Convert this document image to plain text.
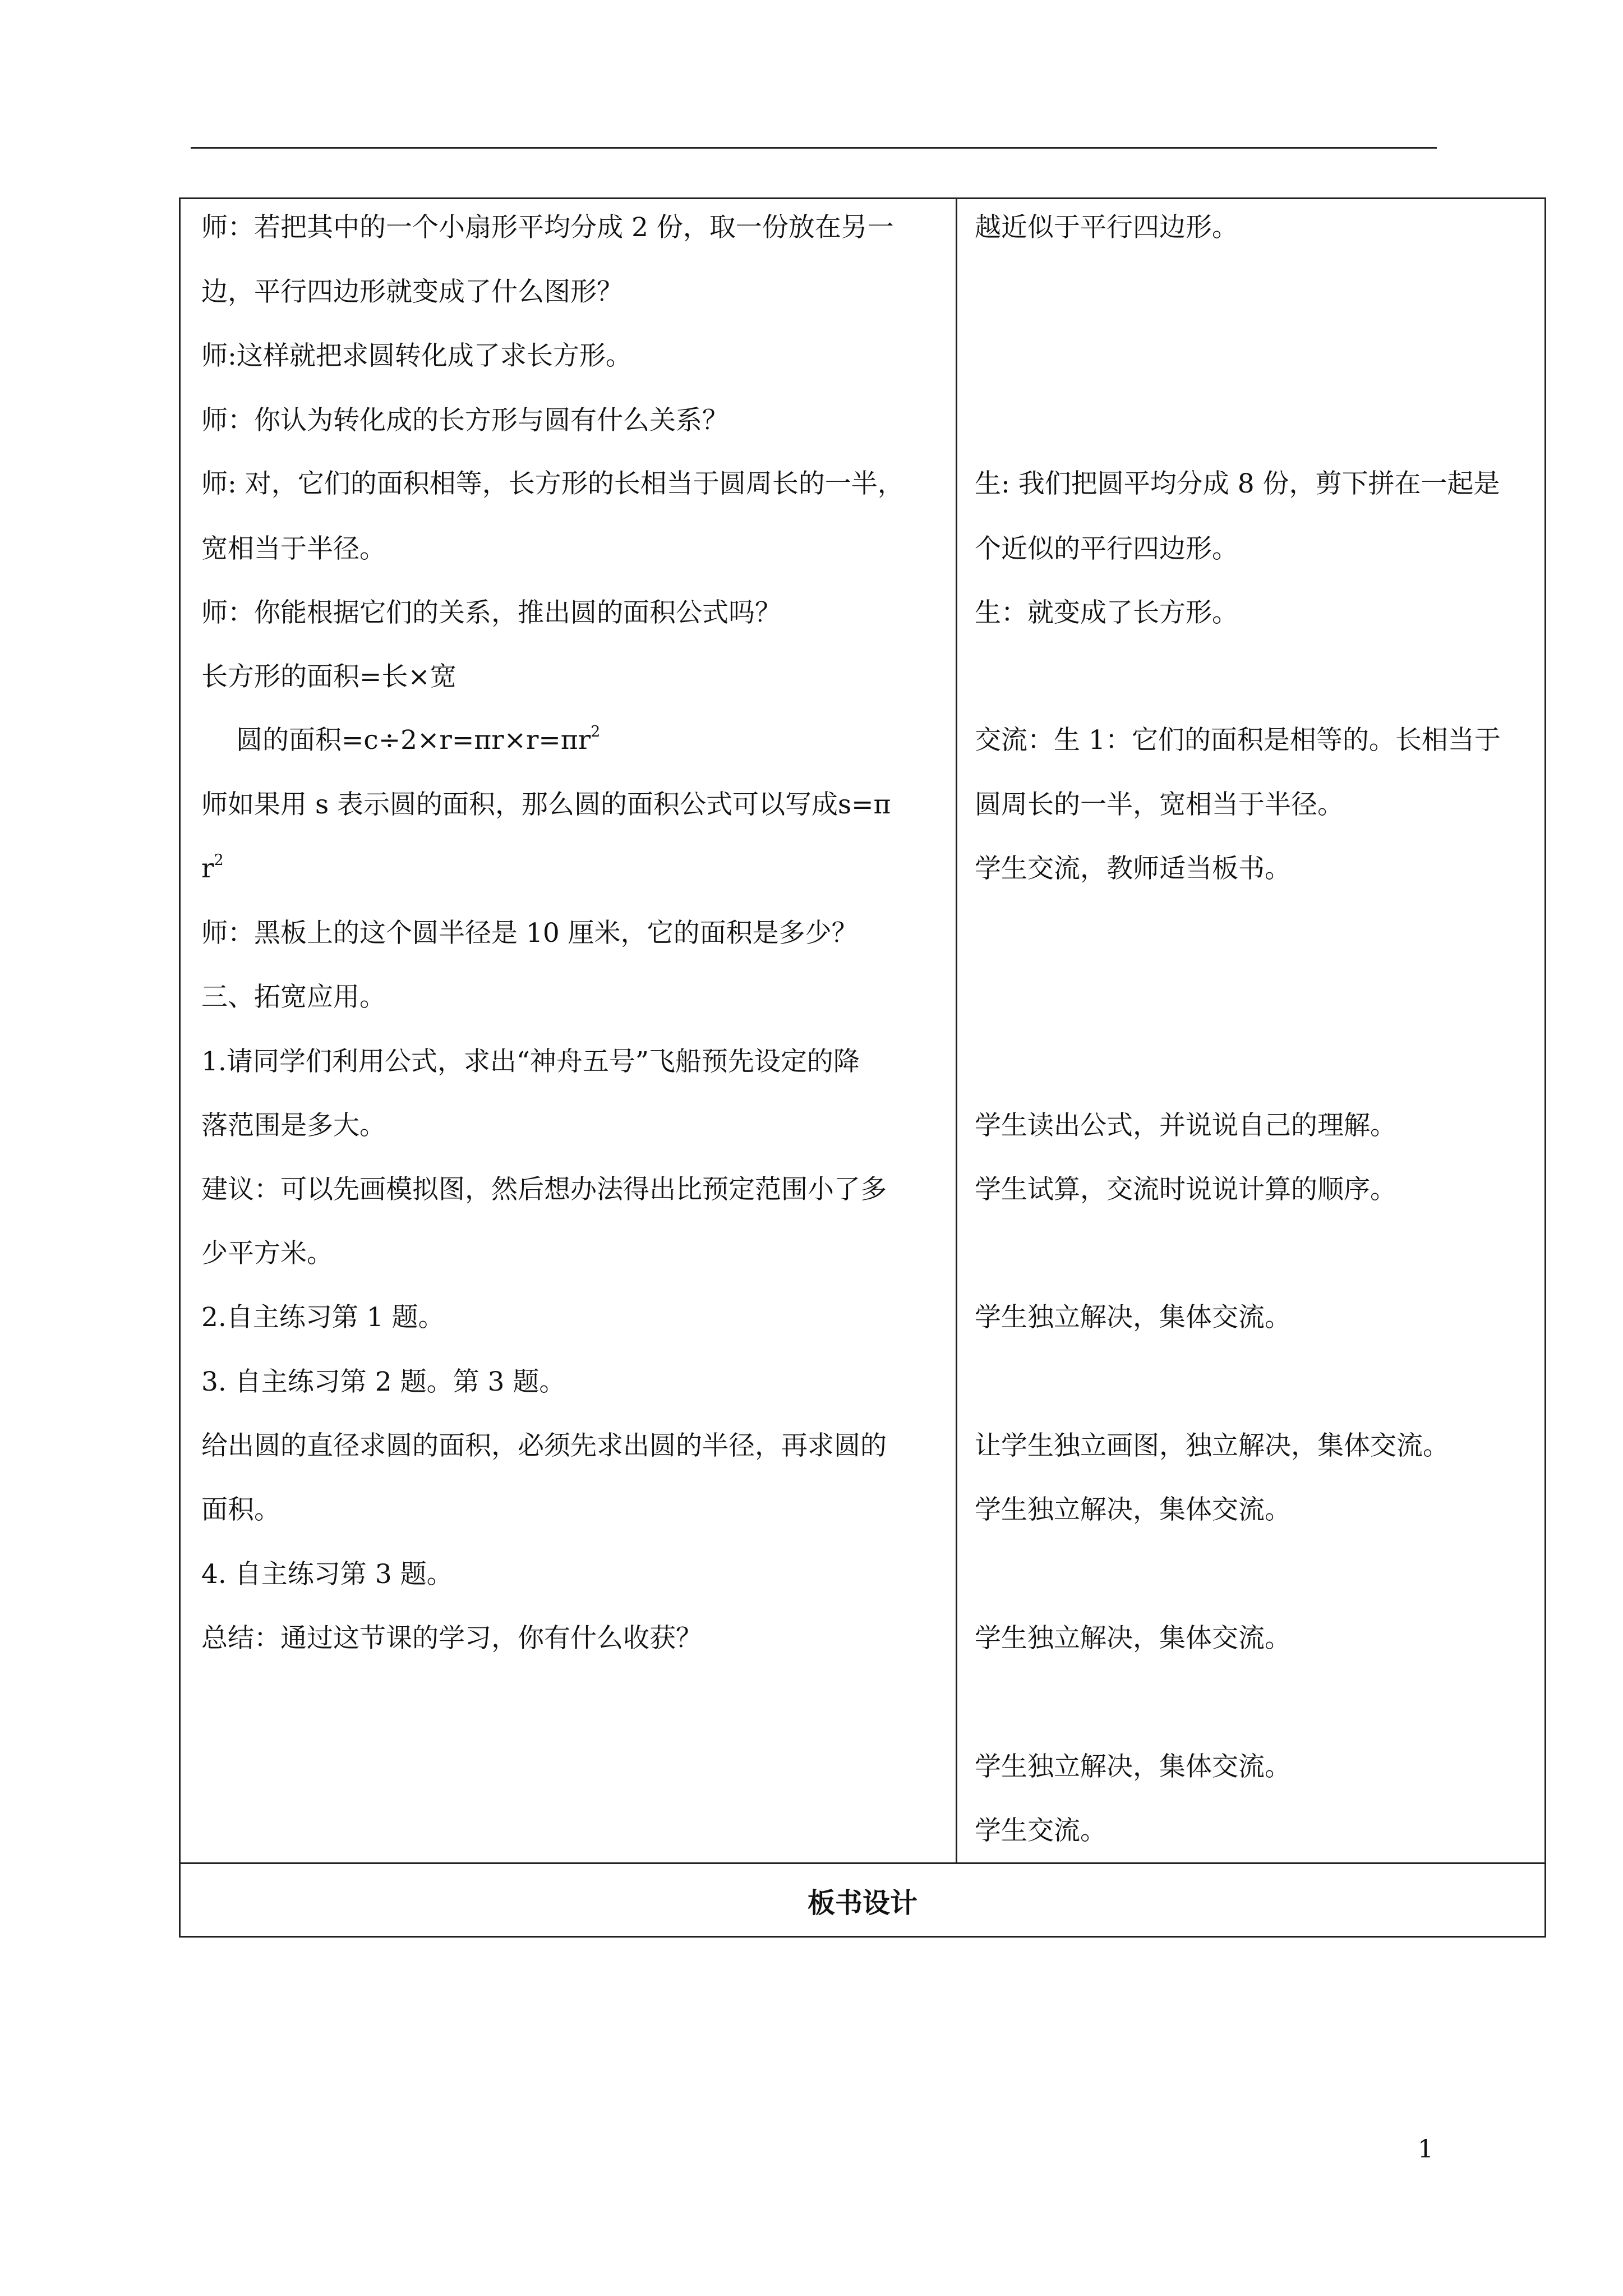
师：若把其中的一个小扇形平均分成 2 份，取一份放在另一
边，平行四边形就变成了什么图形？
师:这样就把求圆转化成了求长方形。
师：你认为转化成的长方形与圆有什么关系？
师: 对，它们的面积相等，长方形的长相当于圆周长的一半，
宽相当于半径。
师：你能根据它们的关系，推出圆的面积公式吗？
长方形的面积=长×宽
圆的面积$=c\div 2\times r=\pi r\times r=\pi r^2$
师如果用 s 表示圆的面积，那么圆的面积公式可以写成s=π
$r^2$
师：黑板上的这个圆半径是 10 厘米，它的面积是多少？
三、拓宽应用。
1.请同学们利用公式，求出“神舟五号”飞船预先设定的降
落范围是多大。
建议：可以先画模拟图，然后想办法得出比预定范围小了多
少平方米。
2.自主练习第 1 题。
3. 自主练习第 2 题。第 3 题。
给出圆的直径求圆的面积，必须先求出圆的半径，再求圆的
面积。
4. 自主练习第 3 题。
总结：通过这节课的学习，你有什么收获？
越近似于平行四边形。
生: 我们把圆平均分成 8 份，剪下拼在一起是
个近似的平行四边形。
生：就变成了长方形。
交流：生 1：它们的面积是相等的。长相当于
圆周长的一半，宽相当于半径。
学生交流，教师适当板书。
学生读出公式，并说说自己的理解。
学生试算，交流时说说计算的顺序。
学生独立解决，集体交流。
让学生独立画图，独立解决，集体交流。
学生独立解决，集体交流。
学生独立解决，集体交流。
学生独立解决，集体交流。
学生交流。
板书设计
1
